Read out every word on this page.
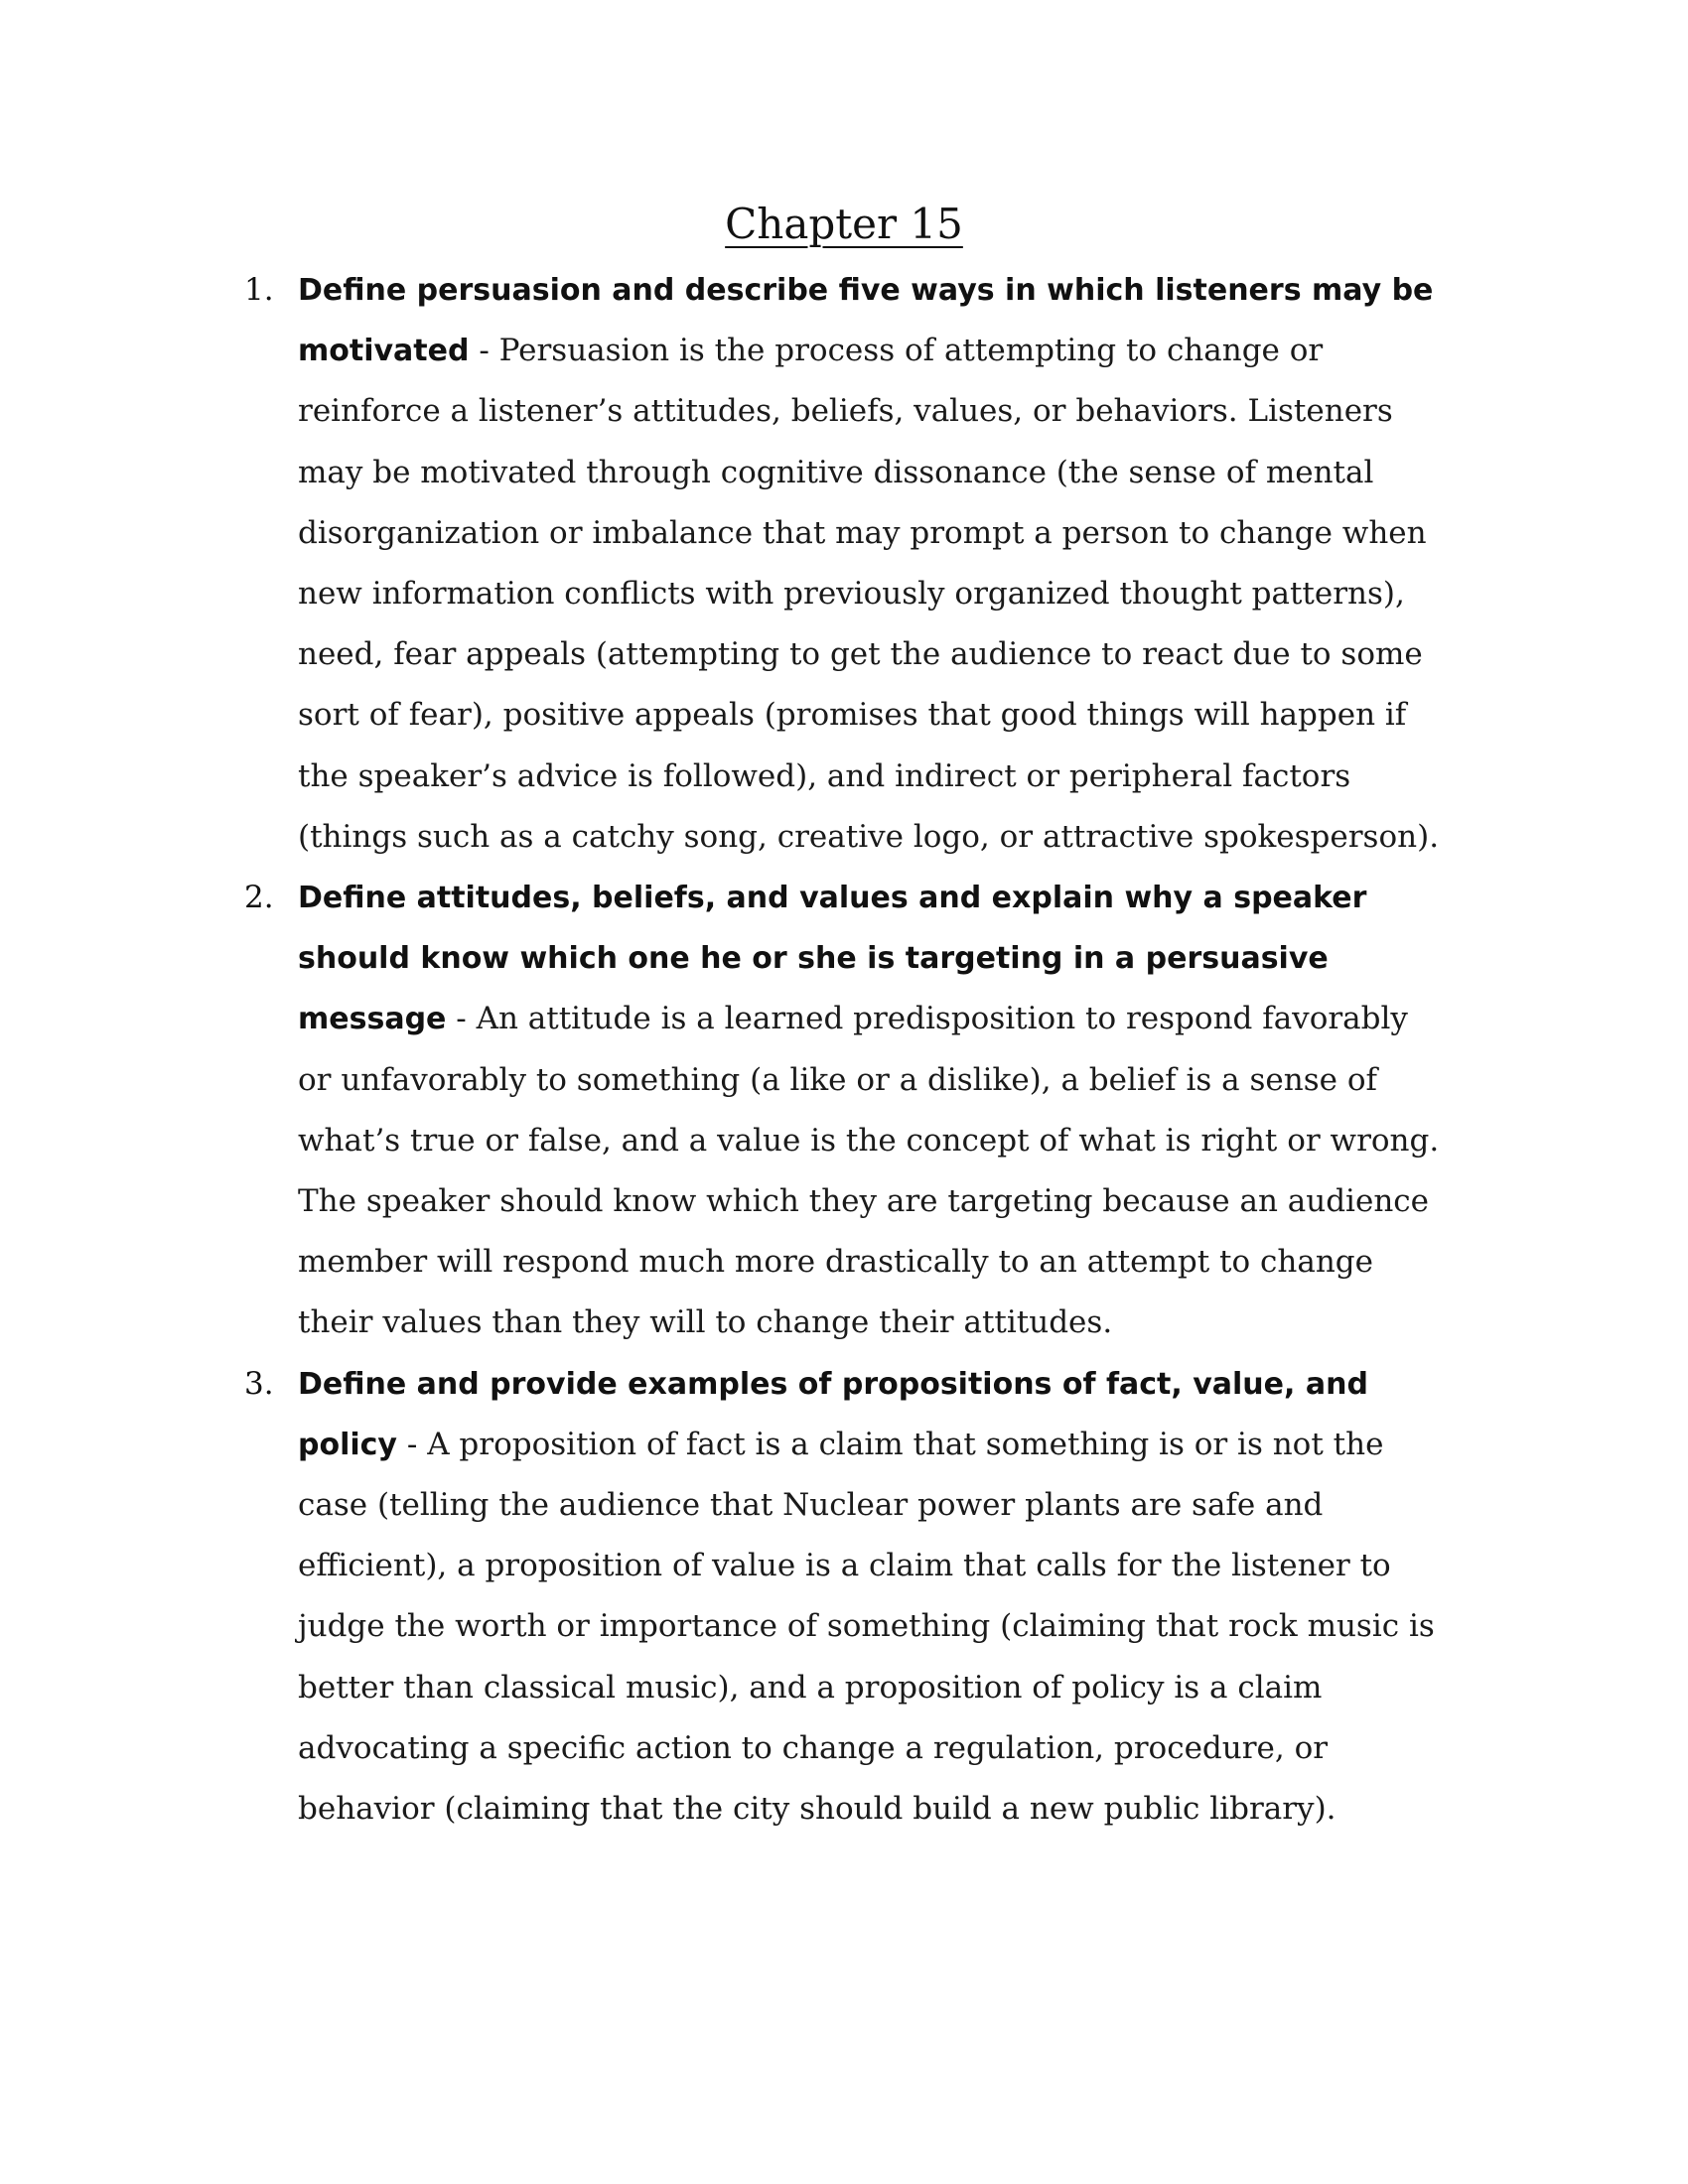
Chapter 15
1. Define persuasion and describe five ways in which listeners may be motivated - Persuasion is the process of attempting to change or reinforce a listener’s attitudes, beliefs, values, or behaviors. Listeners may be motivated through cognitive dissonance (the sense of mental disorganization or imbalance that may prompt a person to change when new information conflicts with previously organized thought patterns), need, fear appeals (attempting to get the audience to react due to some sort of fear), positive appeals (promises that good things will happen if the speaker’s advice is followed), and indirect or peripheral factors (things such as a catchy song, creative logo, or attractive spokesperson).
2. Define attitudes, beliefs, and values and explain why a speaker should know which one he or she is targeting in a persuasive message - An attitude is a learned predisposition to respond favorably or unfavorably to something (a like or a dislike), a belief is a sense of what’s true or false, and a value is the concept of what is right or wrong. The speaker should know which they are targeting because an audience member will respond much more drastically to an attempt to change their values than they will to change their attitudes.
3. Define and provide examples of propositions of fact, value, and policy - A proposition of fact is a claim that something is or is not the case (telling the audience that Nuclear power plants are safe and efficient), a proposition of value is a claim that calls for the listener to judge the worth or importance of something (claiming that rock music is better than classical music), and a proposition of policy is a claim advocating a specific action to change a regulation, procedure, or behavior (claiming that the city should build a new public library).
